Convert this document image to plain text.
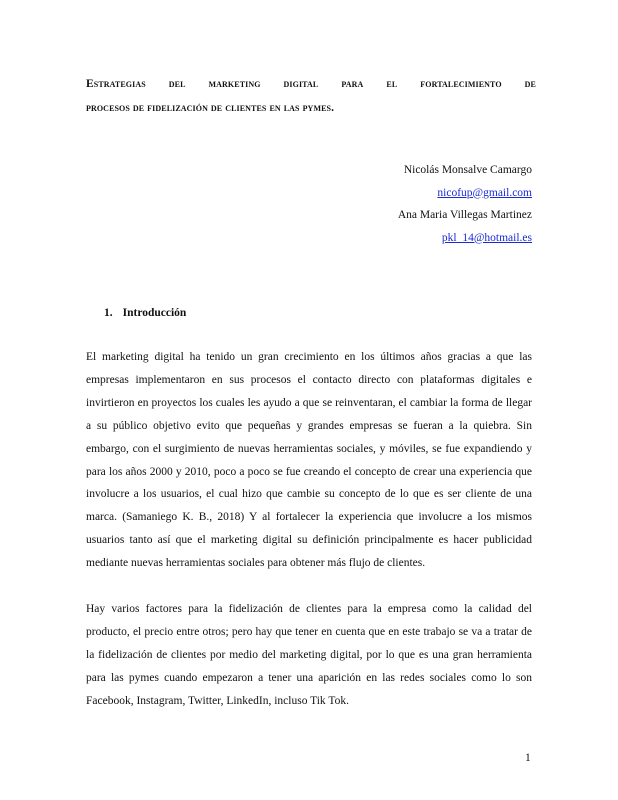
Estrategias del marketing digital para el fortalecimiento de
procesos de fidelización de clientes en las pymes.
Nicolás Monsalve Camargo
nicofup@gmail.com
Ana Maria Villegas Martinez
pkl_14@hotmail.es
1. Introducción

El marketing digital ha tenido un gran crecimiento en los últimos años gracias a que las empresas implementaron en sus procesos el contacto directo con plataformas digitales e invirtieron en proyectos los cuales les ayudo a que se reinventaran, el cambiar la forma de llegar a su público objetivo evito que pequeñas y grandes empresas se fueran a la quiebra. Sin embargo, con el surgimiento de nuevas herramientas sociales, y móviles, se fue expandiendo y para los años 2000 y 2010, poco a poco se fue creando el concepto de crear una experiencia que involucre a los usuarios, el cual hizo que cambie su concepto de lo que es ser cliente de una marca. (Samaniego K. B., 2018) Y al fortalecer la experiencia que involucre a los mismos usuarios tanto así que el marketing digital su definición principalmente es hacer publicidad mediante nuevas herramientas sociales para obtener más flujo de clientes.

Hay varios factores para la fidelización de clientes para la empresa como la calidad del producto, el precio entre otros; pero hay que tener en cuenta que en este trabajo se va a tratar de la fidelización de clientes por medio del marketing digital, por lo que es una gran herramienta para las pymes cuando empezaron a tener una aparición en las redes sociales como lo son Facebook, Instagram, Twitter, LinkedIn, incluso Tik Tok.

1
